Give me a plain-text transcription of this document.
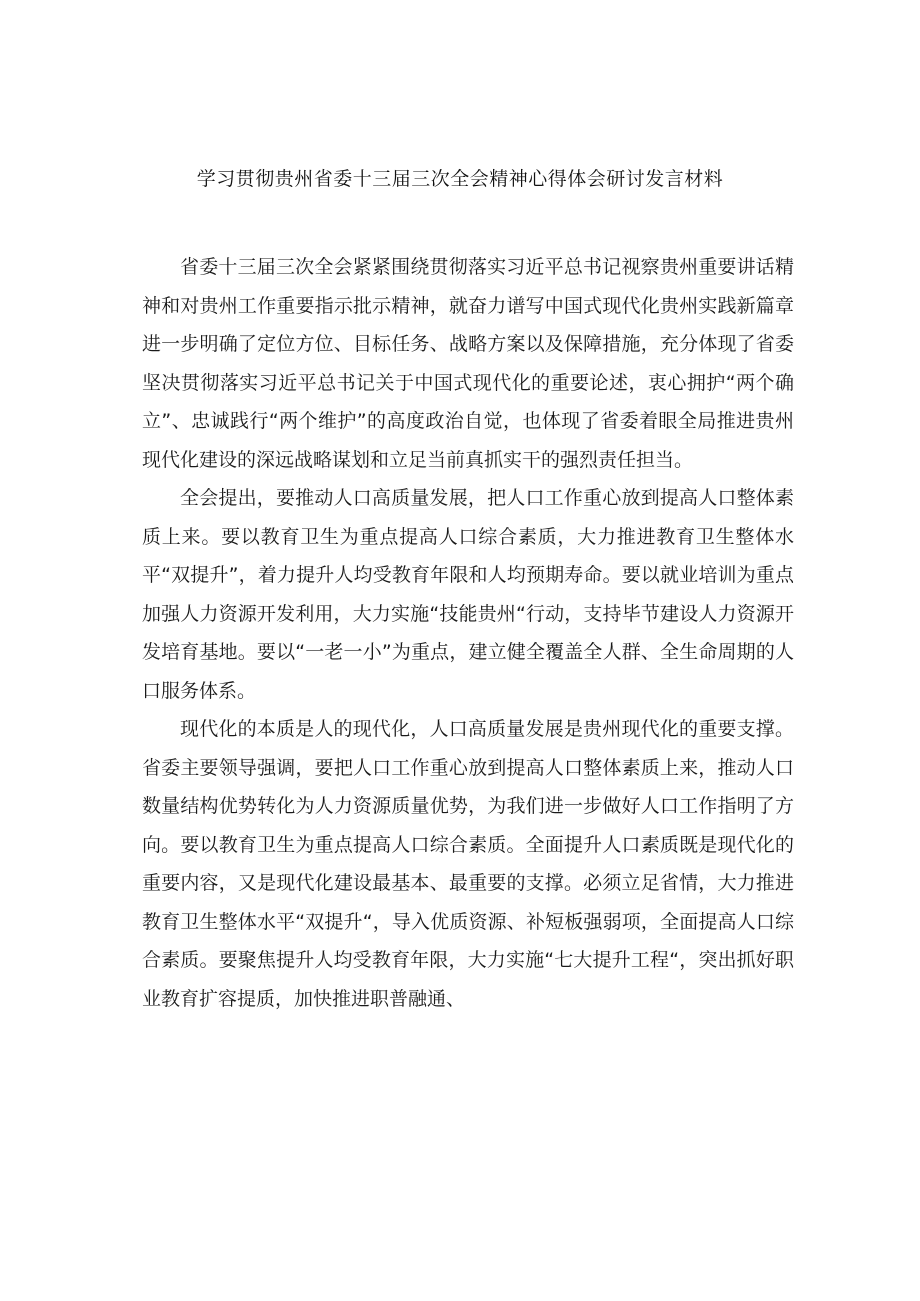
学习贯彻贵州省委十三届三次全会精神心得体会研讨发言材料

省委十三届三次全会紧紧围绕贯彻落实习近平总书记视察贵州重要讲话精神和对贵州工作重要指示批示精神，就奋力谱写中国式现代化贵州实践新篇章进一步明确了定位方位、目标任务、战略方案以及保障措施，充分体现了省委坚决贯彻落实习近平总书记关于中国式现代化的重要论述，衷心拥护“两个确立”、忠诚践行“两个维护”的高度政治自觉，也体现了省委着眼全局推进贵州现代化建设的深远战略谋划和立足当前真抓实干的强烈责任担当。

全会提出，要推动人口高质量发展，把人口工作重心放到提高人口整体素质上来。要以教育卫生为重点提高人口综合素质，大力推进教育卫生整体水平“双提升”，着力提升人均受教育年限和人均预期寿命。要以就业培训为重点加强人力资源开发利用，大力实施“技能贵州“行动，支持毕节建设人力资源开发培育基地。要以“一老一小”为重点，建立健全覆盖全人群、全生命周期的人口服务体系。

现代化的本质是人的现代化，人口高质量发展是贵州现代化的重要支撑。省委主要领导强调，要把人口工作重心放到提高人口整体素质上来，推动人口数量结构优势转化为人力资源质量优势，为我们进一步做好人口工作指明了方向。要以教育卫生为重点提高人口综合素质。全面提升人口素质既是现代化的重要内容，又是现代化建设最基本、最重要的支撑。必须立足省情，大力推进教育卫生整体水平“双提升“，导入优质资源、补短板强弱项，全面提高人口综合素质。要聚焦提升人均受教育年限，大力实施“七大提升工程“，突出抓好职业教育扩容提质，加快推进职普融通、
